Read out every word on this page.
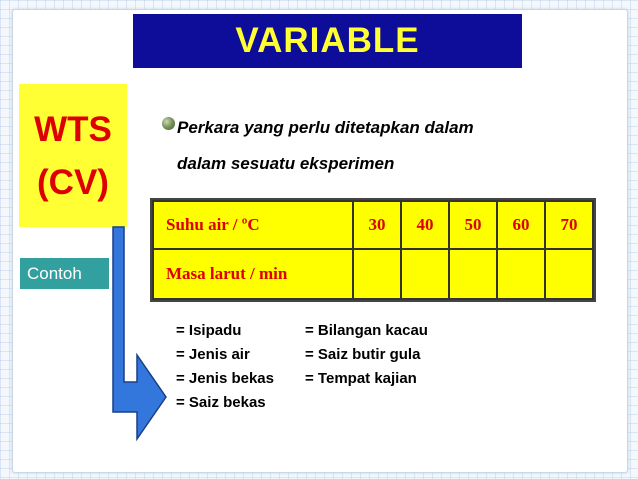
VARIABLE
WTS
(CV)
Contoh
Perkara yang perlu ditetapkan dalam
dalam sesuatu eksperimen
Suhu air / ºC	30	40	50	60	70
Masa larut / min					
= Isipadu
= Jenis air
= Jenis bekas
= Saiz bekas
= Bilangan kacau
= Saiz butir gula
= Tempat kajian
